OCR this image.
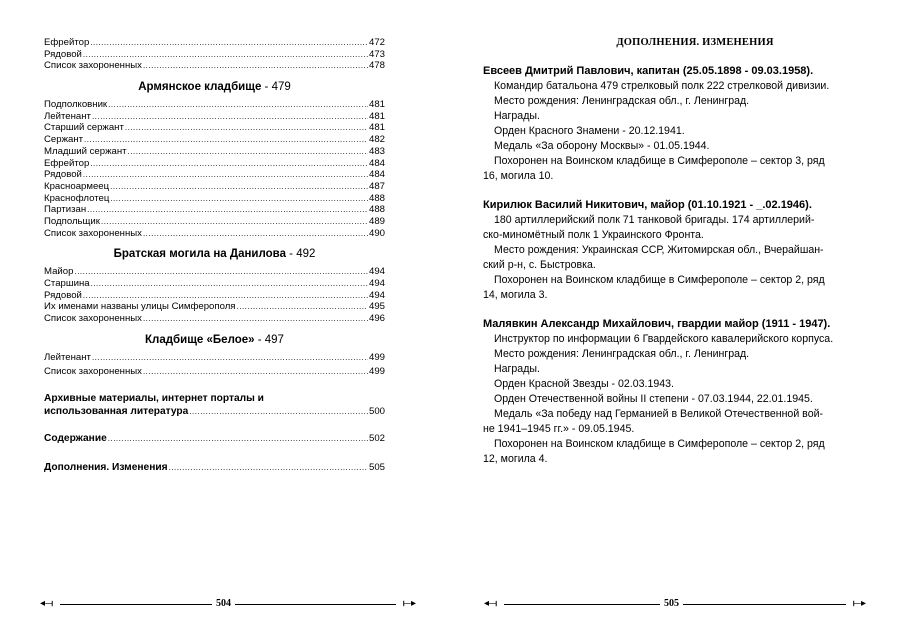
Ефрейтор .....	472
Рядовой .....	473
Список захороненных .....	478
Армянское кладбище - 479
Подполковник .....	481
Лейтенант .....	481
Старший сержант .....	481
Сержант .....	482
Младший сержант .....	483
Ефрейтор .....	484
Рядовой .....	484
Красноармеец .....	487
Краснофлотец .....	488
Партизан .....	488
Подпольщик .....	489
Список захороненных .....	490
Братская могила на Данилова - 492
Майор .....	494
Старшина .....	494
Рядовой .....	494
Их именами названы улицы Симферополя .....	495
Список захороненных .....	496
Кладбище «Белое» - 497
Лейтенант .....	499
Список захороненных .....	499
Архивные материалы, интернет порталы и
использованная литература .....	500
Содержание .....	502
Дополнения. Изменения .....	505
◂⟞	⟝▸
504
ДОПОЛНЕНИЯ. ИЗМЕНЕНИЯ
Евсеев Дмитрий Павлович, капитан (25.05.1898 - 09.03.1958).
Командир батальона 479 стрелковый полк 222 стрелковой дивизии.
Место рождения: Ленинградская обл., г. Ленинград.
Награды.
Орден Красного Знамени - 20.12.1941.
Медаль «За оборону Москвы» - 01.05.1944.
Похоронен на Воинском кладбище в Симферополе – сектор 3, ряд
16, могила 10.
Кирилюк Василий Никитович, майор (01.10.1921 - _.02.1946).
180 артиллерийский полк 71 танковой бригады. 174 артиллерий-
ско-миномётный полк 1 Украинского Фронта.
Место рождения: Украинская ССР, Житомирская обл., Вчерайшан-
ский р-н, с. Быстровка.
Похоронен на Воинском кладбище в Симферополе – сектор 2, ряд
14, могила 3.
Малявкин Александр Михайлович, гвардии майор (1911 - 1947).
Инструктор по информации 6 Гвардейского кавалерийского корпуса.
Место рождения: Ленинградская обл., г. Ленинград.
Награды.
Орден Красной Звезды - 02.03.1943.
Орден Отечественной войны II степени - 07.03.1944, 22.01.1945.
Медаль «За победу над Германией в Великой Отечественной вой-
не 1941–1945 гг.» - 09.05.1945.
Похоронен на Воинском кладбище в Симферополе – сектор 2, ряд
12, могила 4.
◂⟞	⟝▸
505
